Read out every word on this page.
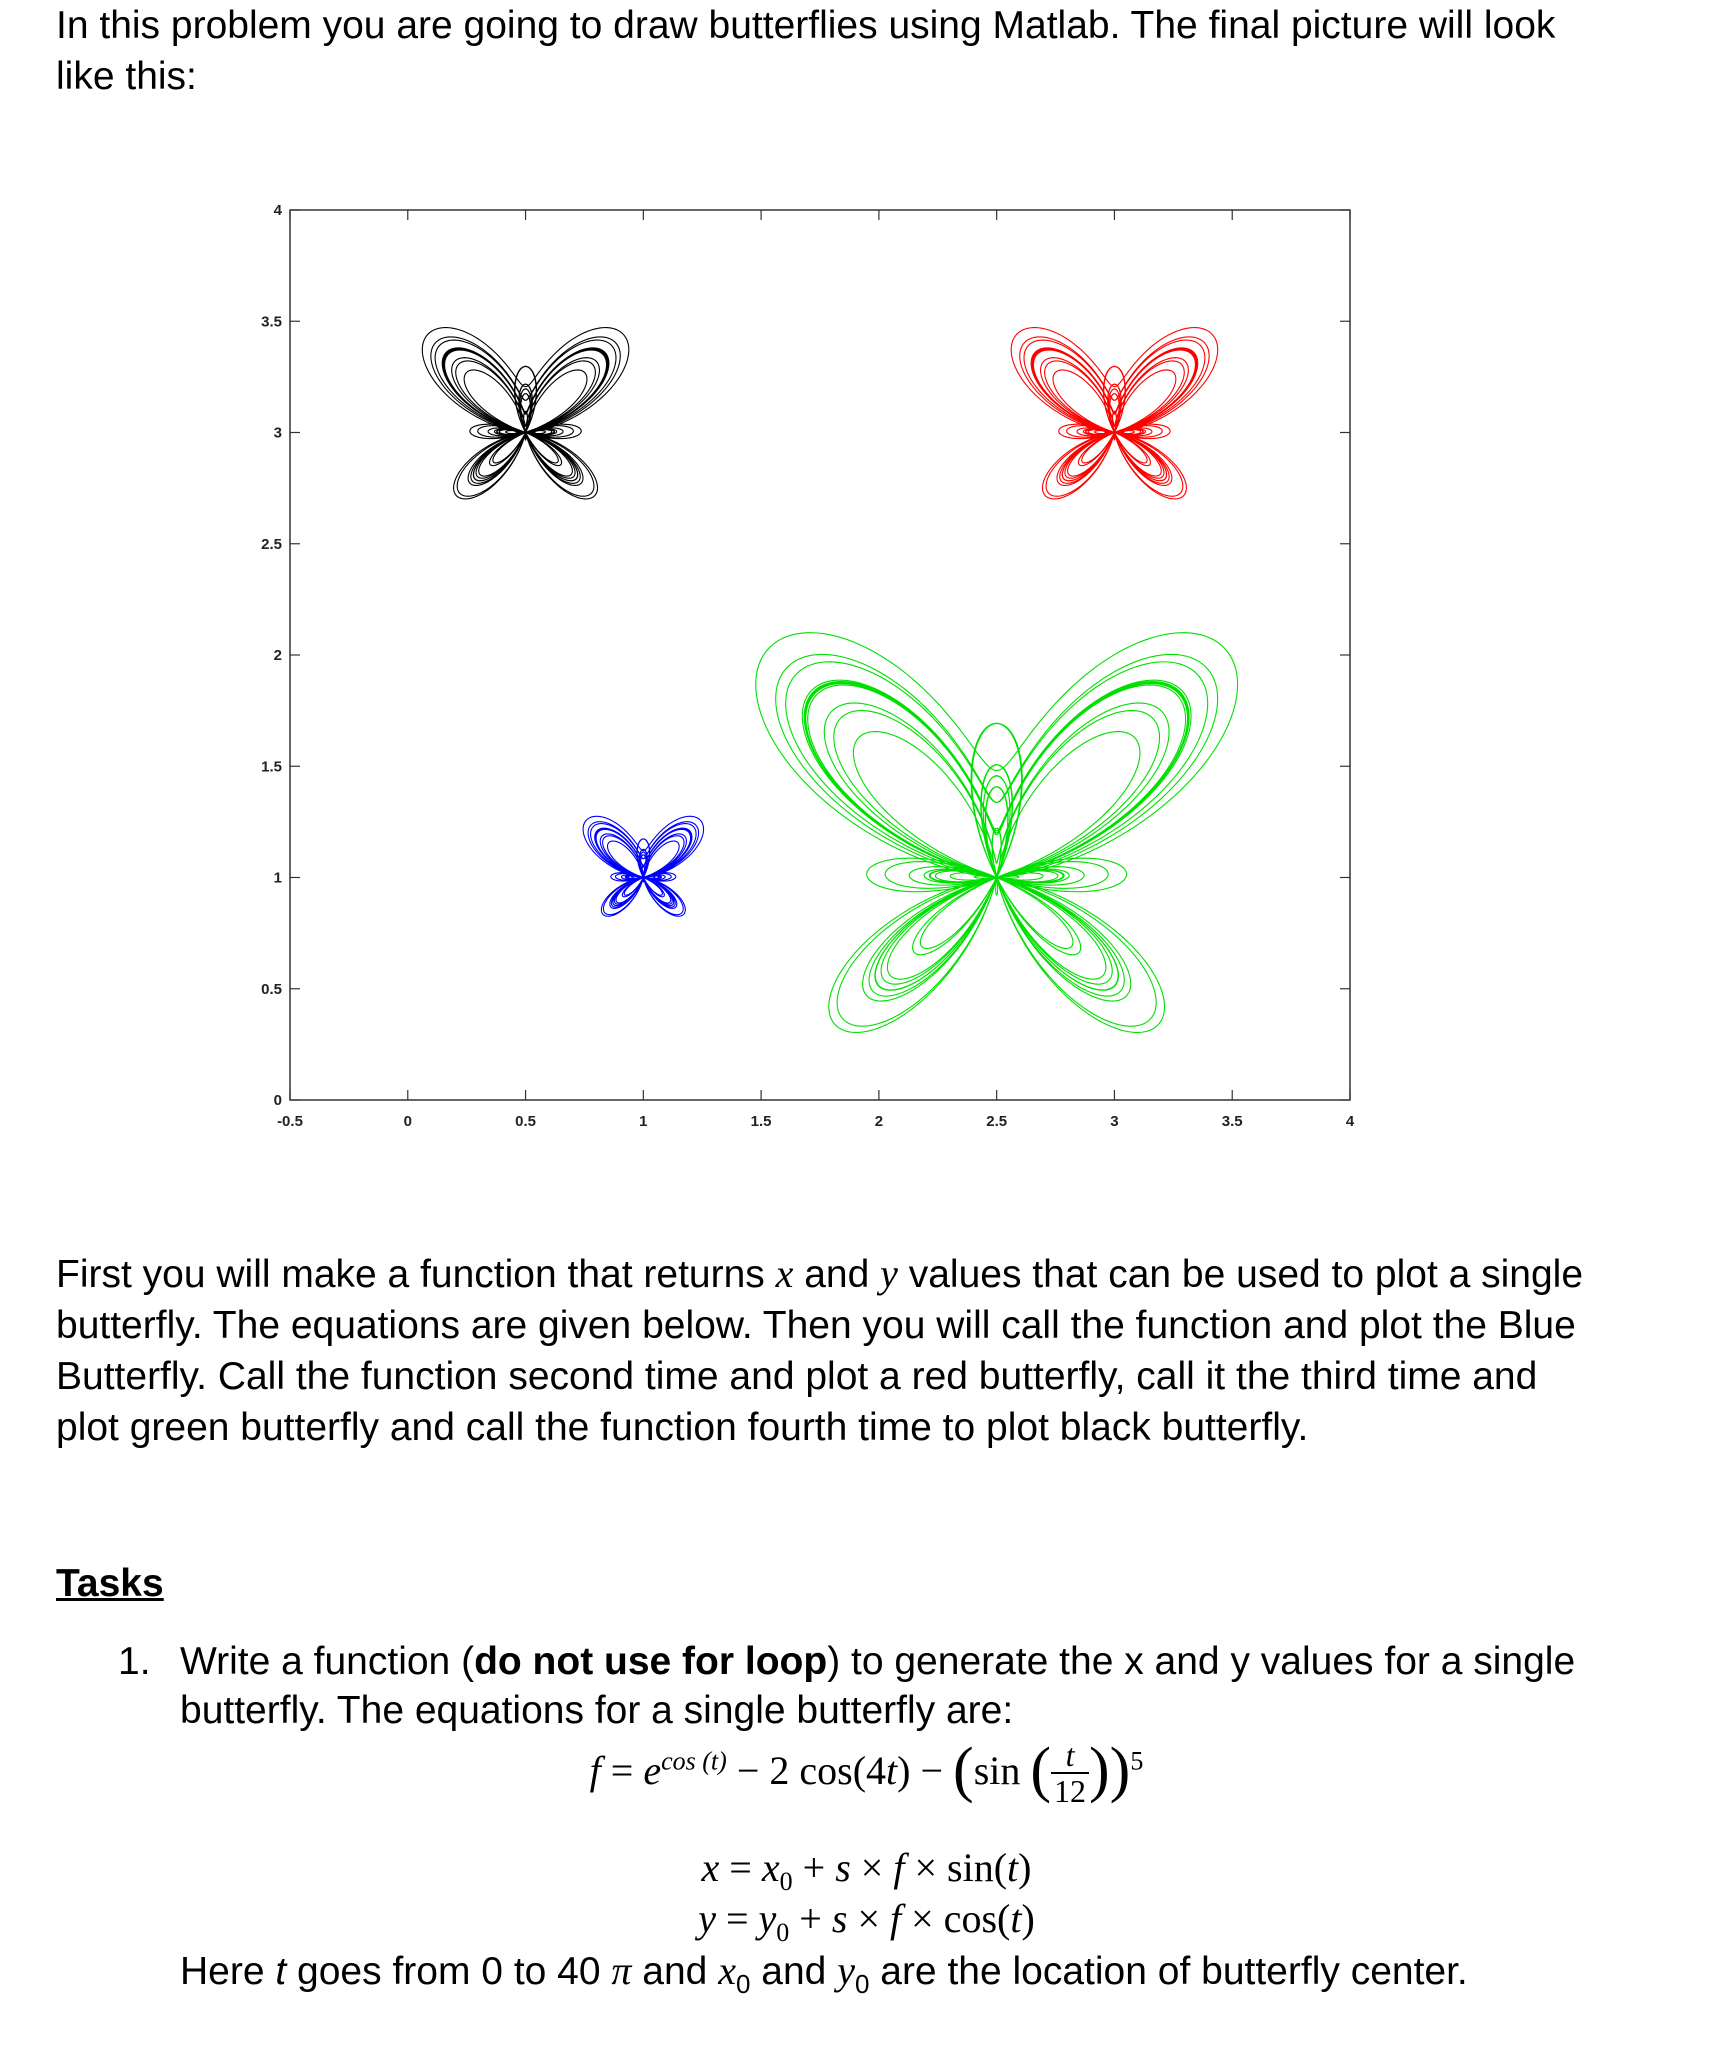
In this problem you are going to draw butterflies using Matlab. The final picture will look
like this:
-0.5	0	0.5	1	1.5	2	2.5	3	3.5	4
0
0.5
1
1.5
2
2.5
3
3.5
4
First you will make a function that returns x and y values that can be used to plot a single
butterfly. The equations are given below. Then you will call the function and plot the Blue
Butterfly. Call the function second time and plot a red butterfly, call it the third time and
plot green butterfly and call the function fourth time to plot black butterfly.
Tasks
1. Write a function (do not use for loop) to generate the x and y values for a single
butterfly. The equations for a single butterfly are:
$f = e^{cos (t)} - 2$ cos(4t) − (sin ( $\frac{t}{12} ))^5$
$x = x_0 + s \times f \times \sin(t)$
$y = y_0 + s \times f \times \cos(t)$
Here t goes from 0 to 40 π and $x_0$ and $y_0$ are the location of butterfly center.
